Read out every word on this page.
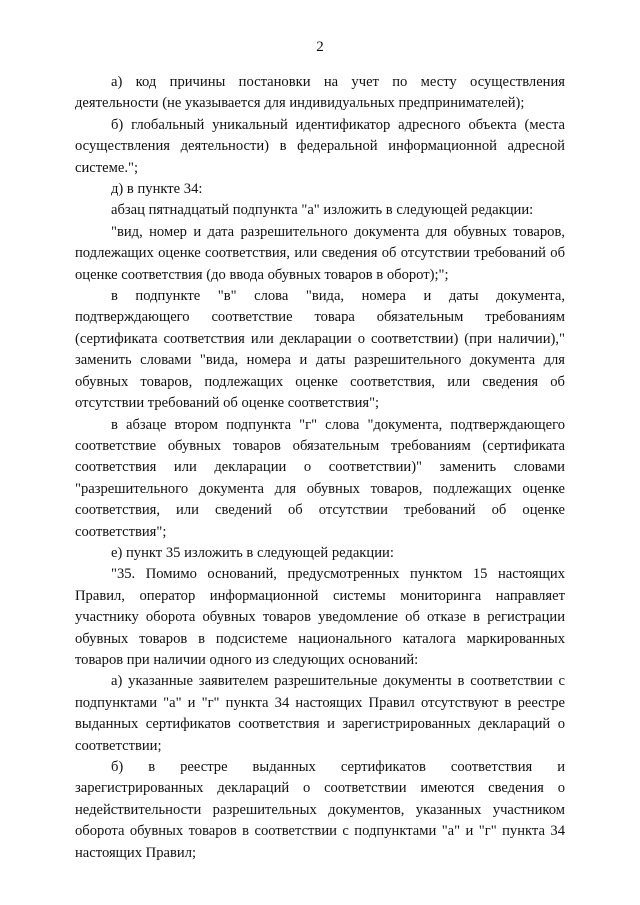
2

а) код причины постановки на учет по месту осуществления деятельности (не указывается для индивидуальных предпринимателей);

б) глобальный уникальный идентификатор адресного объекта (места осуществления деятельности) в федеральной информационной адресной системе.";

д) в пункте 34:

абзац пятнадцатый подпункта "а" изложить в следующей редакции:

"вид, номер и дата разрешительного документа для обувных товаров, подлежащих оценке соответствия, или сведения об отсутствии требований об оценке соответствия (до ввода обувных товаров в оборот);";

в подпункте "в" слова "вида, номера и даты документа, подтверждающего соответствие товара обязательным требованиям (сертификата соответствия или декларации о соответствии) (при наличии)," заменить словами "вида, номера и даты разрешительного документа для обувных товаров, подлежащих оценке соответствия, или сведения об отсутствии требований об оценке соответствия";

в абзаце втором подпункта "г" слова "документа, подтверждающего соответствие обувных товаров обязательным требованиям (сертификата соответствия или декларации о соответствии)" заменить словами "разрешительного документа для обувных товаров, подлежащих оценке соответствия, или сведений об отсутствии требований об оценке соответствия";

е) пункт 35 изложить в следующей редакции:

"35. Помимо оснований, предусмотренных пунктом 15 настоящих Правил, оператор информационной системы мониторинга направляет участнику оборота обувных товаров уведомление об отказе в регистрации обувных товаров в подсистеме национального каталога маркированных товаров при наличии одного из следующих оснований:

а) указанные заявителем разрешительные документы в соответствии с подпунктами "а" и "г" пункта 34 настоящих Правил отсутствуют в реестре выданных сертификатов соответствия и зарегистрированных деклараций о соответствии;

б) в реестре выданных сертификатов соответствия и зарегистрированных деклараций о соответствии имеются сведения о недействительности разрешительных документов, указанных участником оборота обувных товаров в соответствии с подпунктами "а" и "г" пункта 34 настоящих Правил;
